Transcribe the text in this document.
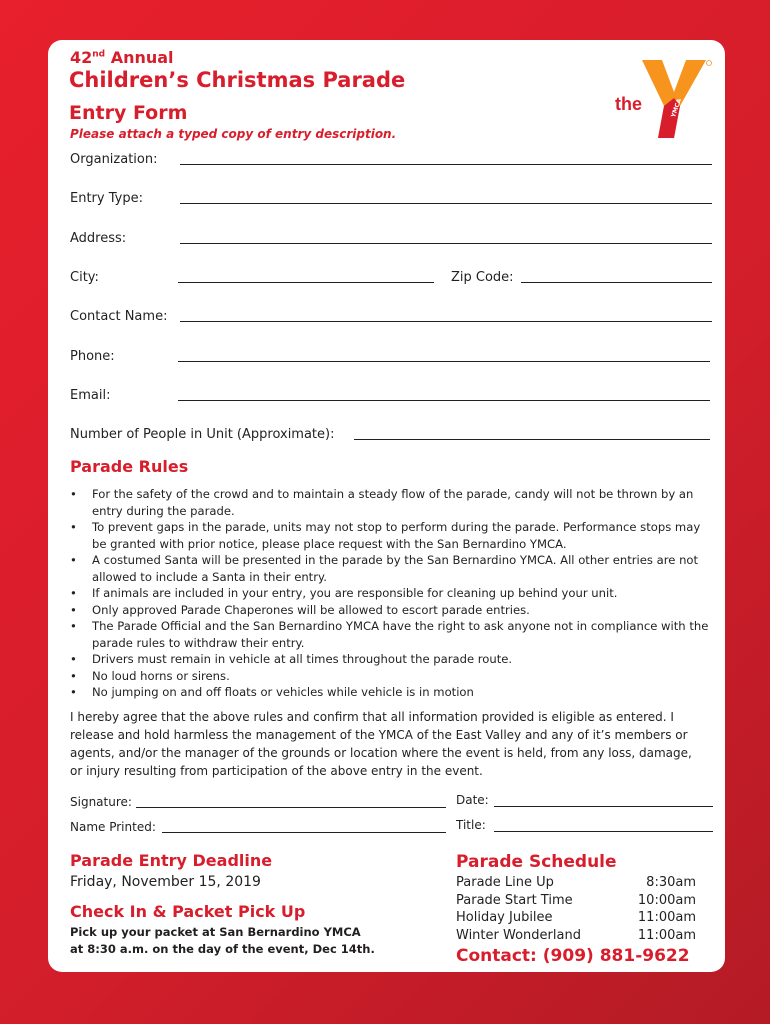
42nd Annual
Children’s Christmas Parade
Entry Form
Please attach a typed copy of entry description.
the	YMCA
Organization:
Entry Type:
Address:
City:	Zip Code:
Contact Name:
Phone:
Email:
Number of People in Unit (Approximate):
Parade Rules
• For the safety of the crowd and to maintain a steady flow of the parade, candy will not be thrown by an entry during the parade.
• To prevent gaps in the parade, units may not stop to perform during the parade. Performance stops may be granted with prior notice, please place request with the San Bernardino YMCA.
• A costumed Santa will be presented in the parade by the San Bernardino YMCA. All other entries are not allowed to include a Santa in their entry.
• If animals are included in your entry, you are responsible for cleaning up behind your unit.
• Only approved Parade Chaperones will be allowed to escort parade entries.
• The Parade Official and the San Bernardino YMCA have the right to ask anyone not in compliance with the parade rules to withdraw their entry.
• Drivers must remain in vehicle at all times throughout the parade route.
• No loud horns or sirens.
• No jumping on and off floats or vehicles while vehicle is in motion
I hereby agree that the above rules and confirm that all information provided is eligible as entered. I release and hold harmless the management of the YMCA of the East Valley and any of it’s members or agents, and/or the manager of the grounds or location where the event is held, from any loss, damage, or injury resulting from participation of the above entry in the event.
Signature:	Date:
Name Printed:	Title:
Parade Entry Deadline
Friday, November 15, 2019
Check In & Packet Pick Up
Pick up your packet at San Bernardino YMCA
at 8:30 a.m. on the day of the event, Dec 14th.
Parade Schedule
Parade Line Up	8:30am
Parade Start Time	10:00am
Holiday Jubilee	11:00am
Winter Wonderland	11:00am
Contact: (909) 881-9622
